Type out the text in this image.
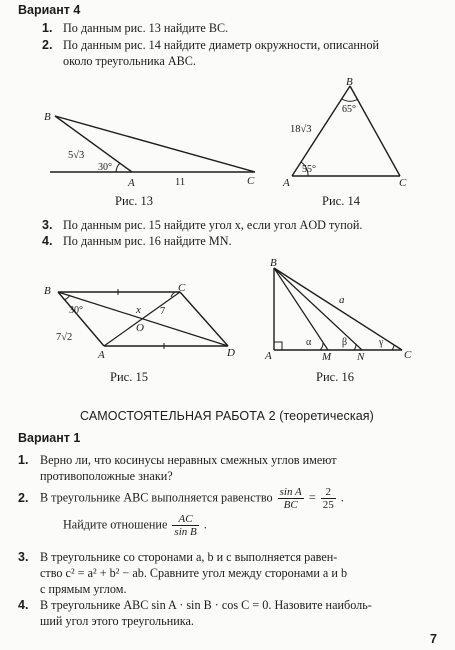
Вариант 4
1. По данным рис. 13 найдите BC.
2. По данным рис. 14 найдите диаметр окружности, описанной
около треугольника ABC.
B
A	C
5√3
30°
11
Рис. 13
B
A	C
18√3
65°
55°
Рис. 14
3. По данным рис. 15 найдите угол x, если угол AOD тупой.
4. По данным рис. 16 найдите MN.
B	C
A	D
O
x
30°
7√2
7
Рис. 15
B
A	M N	C
a
α	β	γ
Рис. 16
САМОСТОЯТЕЛЬНАЯ РАБОТА 2 (теоретическая)
Вариант 1
1. Верно ли, что косинусы неравных смежных углов имеют
противоположные знаки?
2. В треугольнике ABC выполняется равенство $\frac{\text{sin A}}{BC} = \frac{2}{25}$ .
Найдите отношение $\frac{AC}{\text{sin B}}$ .
3. В треугольнике со сторонами a, b и c выполняется равен-
ство c² = a² + b² − ab. Сравните угол между сторонами a и b
с прямым углом.
4. В треугольнике ABC sin A · sin B · cos C = 0. Назовите наиболь-
ший угол этого треугольника.
7
